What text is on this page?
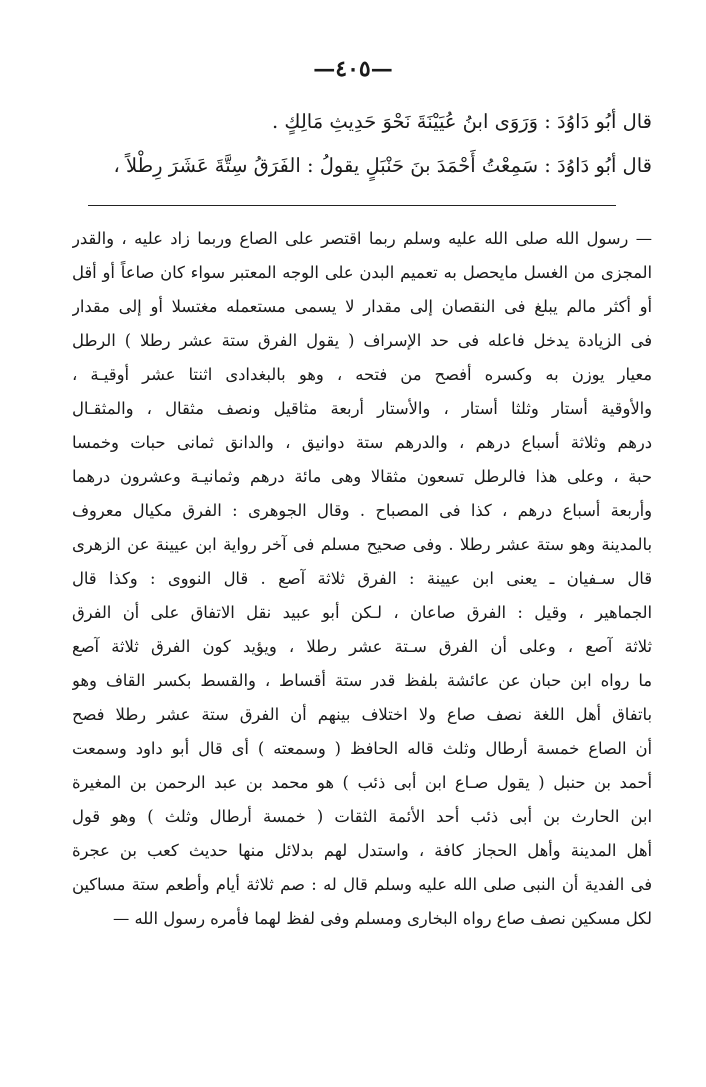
—٤٠٥—
قال أبُو دَاوُدَ : وَرَوَى ابنُ عُيَيْنَةَ نَحْوَ حَدِيثِ مَالِكٍ .
قال أبُو دَاوُدَ : سَمِعْتُ أَحْمَدَ بنَ حَنْبَلٍ يقولُ : الفَرَقُ سِتَّةَ عَشَرَ رِطْلاً ،
— رسول الله صلى الله عليه وسلم ربما اقتصر على الصاع وربما زاد عليه ، والقدر
المجزى من الغسل مايحصل به تعميم البدن على الوجه المعتبر سواء كان صاعاً أو أقل
أو أكثر مالم يبلغ فى النقصان إلى مقدار لا يسمى مستعمله مغتسلا أو إلى مقدار
فى الزيادة يدخل فاعله فى حد الإسراف ( يقول الفرق ستة عشر رطلا ) الرطل
معيار يوزن به وكسره أفصح من فتحه ، وهو بالبغدادى اثنتا عشر أوقيـة ،
والأوقية أستار وثلثا أستار ، والأستار أربعة مثاقيل ونصف مثقال ، والمثقـال
درهم وثلاثة أسباع درهم ، والدرهم ستة دوانيق ، والدانق ثمانى حبات وخمسا
حبة ، وعلى هذا فالرطل تسعون مثقالا وهى مائة درهم وثمانيـة وعشرون درهما
وأربعة أسباع درهم ، كذا فى المصباح . وقال الجوهرى : الفرق مكيال معروف
بالمدينة وهو ستة عشر رطلا . وفى صحيح مسلم فى آخر رواية ابن عيينة عن الزهرى
قال سـفيان ـ يعنى ابن عيينة : الفرق ثلاثة آصع . قال النووى : وكذا قال
الجماهير ، وقيل : الفرق صاعان ، لـكن أبو عبيد نقل الاتفاق على أن الفرق
ثلاثة آصع ، وعلى أن الفرق سـتة عشر رطلا ، ويؤيد كون الفرق ثلاثة آصع
ما رواه ابن حبان عن عائشة بلفظ قدر ستة أقساط ، والقسط بكسر القاف وهو
باتفاق أهل اللغة نصف صاع ولا اختلاف بينهم أن الفرق ستة عشر رطلا فصح
أن الصاع خمسة أرطال وثلث قاله الحافظ ( وسمعته ) أى قال أبو داود وسمعت
أحمد بن حنبل ( يقول صـاع ابن أبى ذئب ) هو محمد بن عبد الرحمن بن المغيرة
ابن الحارث بن أبى ذئب أحد الأئمة الثقات ( خمسة أرطال وثلث ) وهو قول
أهل المدينة وأهل الحجاز كافة ، واستدل لهم بدلائل منها حديث كعب بن عجرة
فى الفدية أن النبى صلى الله عليه وسلم قال له : صم ثلاثة أيام وأطعم ستة مساكين
لكل مسكين نصف صاع رواه البخارى ومسلم وفى لفظ لهما فأمره رسول الله —
